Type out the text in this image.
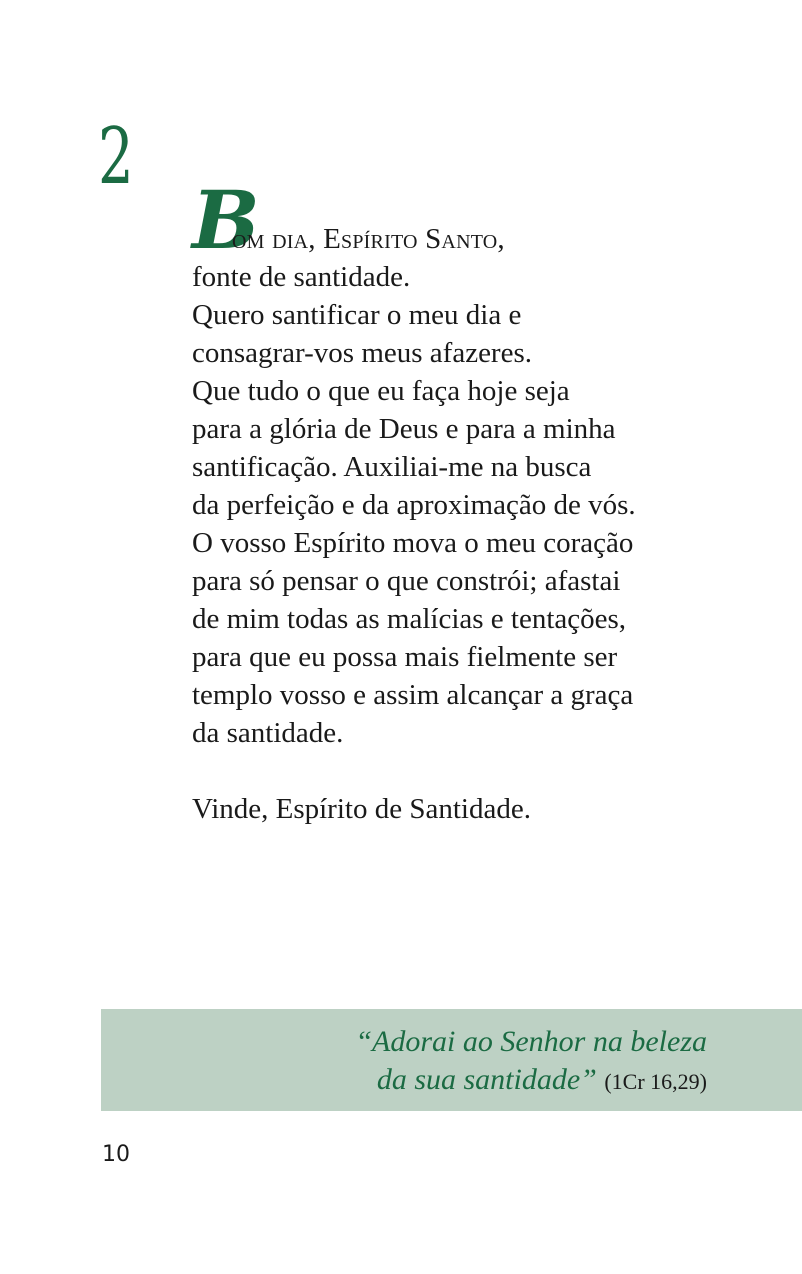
2
B
om dia, Espírito Santo,
fonte de santidade.
Quero santificar o meu dia e
consagrar-vos meus afazeres.
Que tudo o que eu faça hoje seja
para a glória de Deus e para a minha
santificação. Auxiliai-me na busca
da perfeição e da aproximação de vós.
O vosso Espírito mova o meu coração
para só pensar o que constrói; afastai
de mim todas as malícias e tentações,
para que eu possa mais fielmente ser
templo vosso e assim alcançar a graça
da santidade.
Vinde, Espírito de Santidade.
“Adorai ao Senhor na beleza
da sua santidade” (1Cr 16,29)
10
